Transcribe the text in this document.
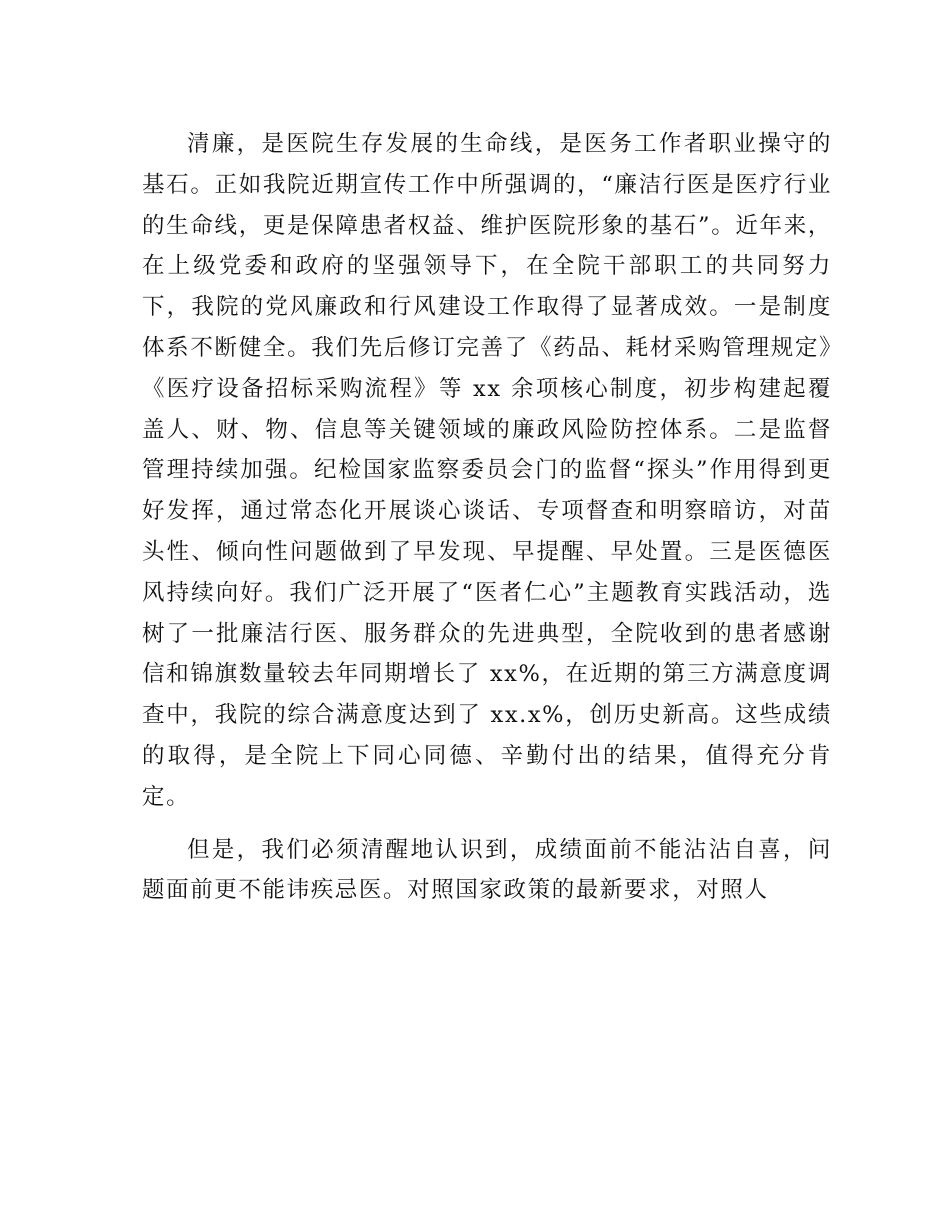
清廉，是医院生存发展的生命线，是医务工作者职业操守的基石。正如我院近期宣传工作中所强调的，“廉洁行医是医疗行业的生命线，更是保障患者权益、维护医院形象的基石”。近年来，在上级党委和政府的坚强领导下，在全院干部职工的共同努力下，我院的党风廉政和行风建设工作取得了显著成效。一是制度体系不断健全。我们先后修订完善了《药品、耗材采购管理规定》《医疗设备招标采购流程》等 xx 余项核心制度，初步构建起覆盖人、财、物、信息等关键领域的廉政风险防控体系。二是监督管理持续加强。纪检国家监察委员会门的监督“探头”作用得到更好发挥，通过常态化开展谈心谈话、专项督查和明察暗访，对苗头性、倾向性问题做到了早发现、早提醒、早处置。三是医德医风持续向好。我们广泛开展了“医者仁心”主题教育实践活动，选树了一批廉洁行医、服务群众的先进典型，全院收到的患者感谢信和锦旗数量较去年同期增长了 xx%，在近期的第三方满意度调查中，我院的综合满意度达到了 xx.x%，创历史新高。这些成绩的取得，是全院上下同心同德、辛勤付出的结果，值得充分肯定。

但是，我们必须清醒地认识到，成绩面前不能沾沾自喜，问题面前更不能讳疾忌医。对照国家政策的最新要求，对照人
